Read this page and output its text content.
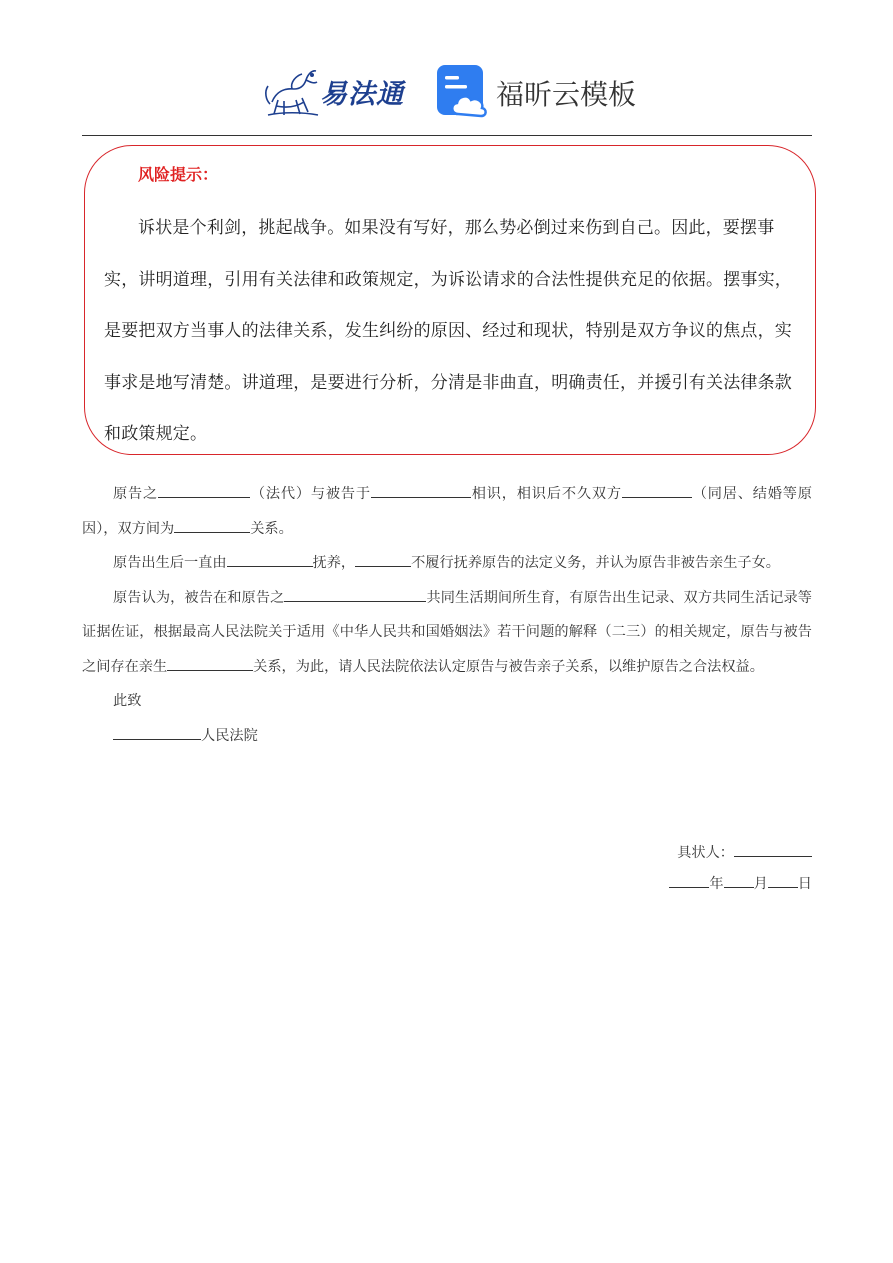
易法通	福昕云模板
风险提示：

诉状是个利剑，挑起战争。如果没有写好，那么势必倒过来伤到自己。因此，要摆事实，讲明道理，引用有关法律和政策规定，为诉讼请求的合法性提供充足的依据。摆事实，是要把双方当事人的法律关系，发生纠纷的原因、经过和现状，特别是双方争议的焦点，实事求是地写清楚。讲道理，是要进行分析，分清是非曲直，明确责任，并援引有关法律条款和政策规定。

原告之	（法代）与被告于	相识，相识后不久双方	（同居、结婚等原因），双方间为	关系。

原告出生后一直由	抚养，	不履行抚养原告的法定义务，并认为原告非被告亲生子女。

原告认为，被告在和原告之	共同生活期间所生育，有原告出生记录、双方共同生活记录等证据佐证，根据最高人民法院关于适用《中华人民共和国婚姻法》若干问题的解释（二三）的相关规定，原告与被告之间存在亲生	关系，为此，请人民法院依法认定原告与被告亲子关系，以维护原告之合法权益。

此致
人民法院
具状人：
年 月 日
